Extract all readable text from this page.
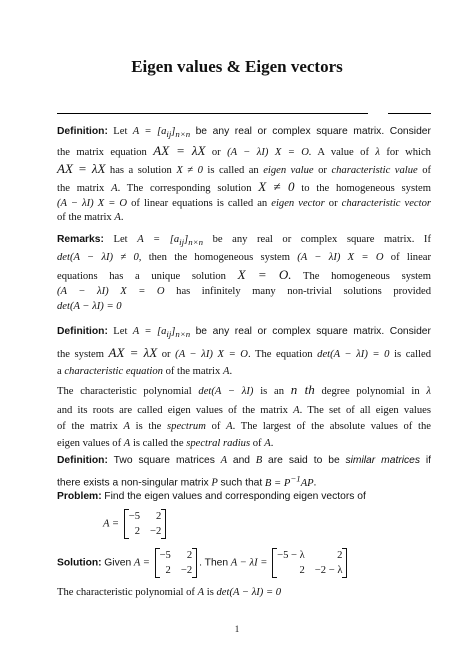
Eigen values & Eigen vectors
Definition: Let $A = [a_{ij}]_{n\times n}$ be any real or complex square matrix. Consider
the matrix equation AX = λX or (A − λI) X = O. A value of λ for which
AX = λX has a solution X ≠ 0 is called an eigen value or characteristic value of
the matrix A. The corresponding solution X ≠ 0 to the homogeneous system
(A − λI) X = O of linear equations is called an eigen vector or characteristic vector
of the matrix A.
Remarks: Let $A = [a_{ij}]_{n\times n}$ be any real or complex square matrix. If
det(A − λI) ≠ 0, then the homogeneous system (A − λI) X = O of linear
equations has a unique solution X = O. The homogeneous system
(A − λI) X = O has infinitely many non-trivial solutions provided
det(A − λI) = 0
Definition: Let $A = [a_{ij}]_{n\times n}$ be any real or complex square matrix. Consider
the system AX = λX or (A − λI) X = O. The equation det(A − λI) = 0 is called
a characteristic equation of the matrix A.
The characteristic polynomial det(A − λI) is an n th degree polynomial in λ
and its roots are called eigen values of the matrix A. The set of all eigen values
of the matrix A is the spectrum of A. The largest of the absolute values of the
eigen values of A is called the spectral radius of A.
Definition: Two square matrices A and B are said to be similar matrices if
there exists a non-singular matrix P such that $B = P^{-1}AP$.
Problem: Find the eigen values and corresponding eigen vectors of
A =
−5	2
2	−2
Solution: Given A =
−5	2
2	−2
. Then A − λI =
−5 − λ	2
2	−2 − λ
The characteristic polynomial of A is det(A − λI) = 0
1
